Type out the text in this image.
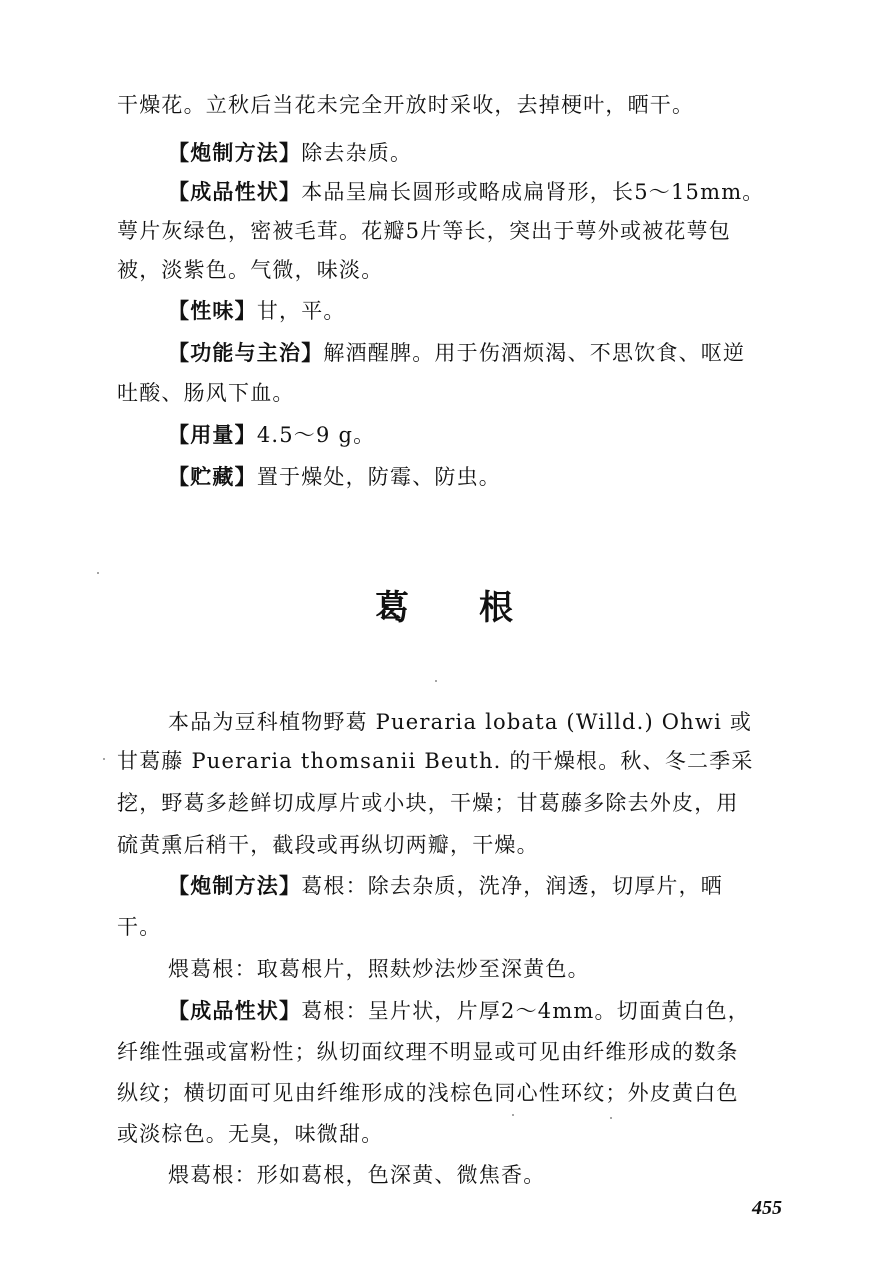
干燥花。立秋后当花未完全开放时采收，去掉梗叶，晒干。
【炮制方法】除去杂质。
【成品性状】本品呈扁长圆形或略成扁肾形，长5～15mm。
萼片灰绿色，密被毛茸。花瓣5片等长，突出于萼外或被花萼包
被，淡紫色。气微，味淡。
【性味】甘，平。
【功能与主治】解酒醒脾。用于伤酒烦渴、不思饮食、呕逆
吐酸、肠风下血。
【用量】4.5～9 g。
【贮藏】置于燥处，防霉、防虫。
葛 根
本品为豆科植物野葛 Pueraria lobata (Willd.) Ohwi 或
甘葛藤 Pueraria thomsanii Beuth. 的干燥根。秋、冬二季采
挖，野葛多趁鲜切成厚片或小块，干燥；甘葛藤多除去外皮，用
硫黄熏后稍干，截段或再纵切两瓣，干燥。
【炮制方法】葛根：除去杂质，洗净，润透，切厚片，晒
干。
煨葛根：取葛根片，照麸炒法炒至深黄色。
【成品性状】葛根：呈片状，片厚2～4mm。切面黄白色，
纤维性强或富粉性；纵切面纹理不明显或可见由纤维形成的数条
纵纹；横切面可见由纤维形成的浅棕色同心性环纹；外皮黄白色
或淡棕色。无臭，味微甜。
煨葛根：形如葛根，色深黄、微焦香。
455
